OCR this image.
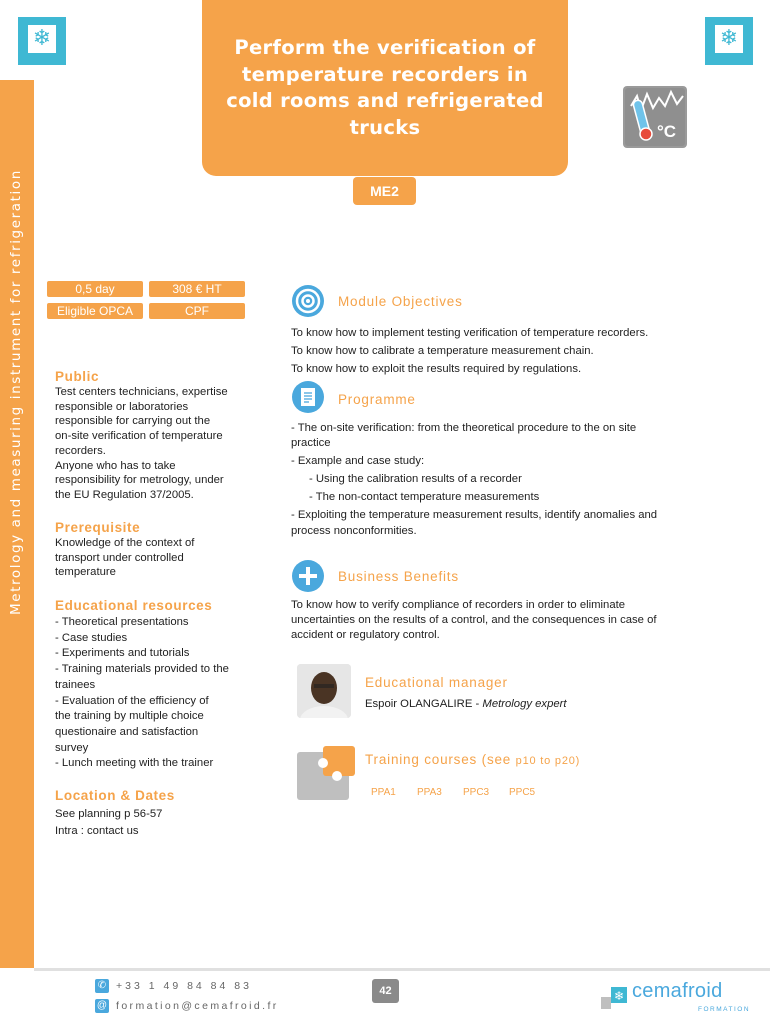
Metrology and measuring instrument for refrigeration
❄	❄
Perform the verification of
temperature recorders in
cold rooms and refrigerated
trucks	°C
ME2
0,5 day	308 € HT
Eligible OPCA	CPF
Public
Test centers technicians, expertise
responsible or laboratories
responsible for carrying out the
on-site verification of temperature
recorders.
Anyone who has to take
responsibility for metrology, under
the EU Regulation 37/2005.
Prerequisite
Knowledge of the context of
transport under controlled
temperature
Educational resources
- Theoretical presentations
- Case studies
- Experiments and tutorials
- Training materials provided to the
trainees
- Evaluation of the efficiency of
the training by multiple choice
questionaire and satisfaction
survey
- Lunch meeting with the trainer
Location & Dates
See planning p 56-57
Intra : contact us
Module Objectives
To know how to implement testing verification of temperature recorders.
To know how to calibrate a temperature measurement chain.
To know how to exploit the results required by regulations.
Programme
- The on-site verification: from the theoretical procedure to the on site
practice
- Example and case study:
- Using the calibration results of a recorder
- The non-contact temperature measurements
- Exploiting the temperature measurement results, identify anomalies and
process nonconformities.
Business Benefits
To know how to verify compliance of recorders in order to eliminate
uncertainties on the results of a control, and the consequences in case of
accident or regulatory control.
Educational manager
Espoir OLANGALIRE - Metrology expert
Training courses (see p10 to p20)
PPA1 PPA3 PPC3 PPC5
✆ +33 1 49 84 84 83
@ formation@cemafroid.fr
42	❄ cemafroid
FORMATION
